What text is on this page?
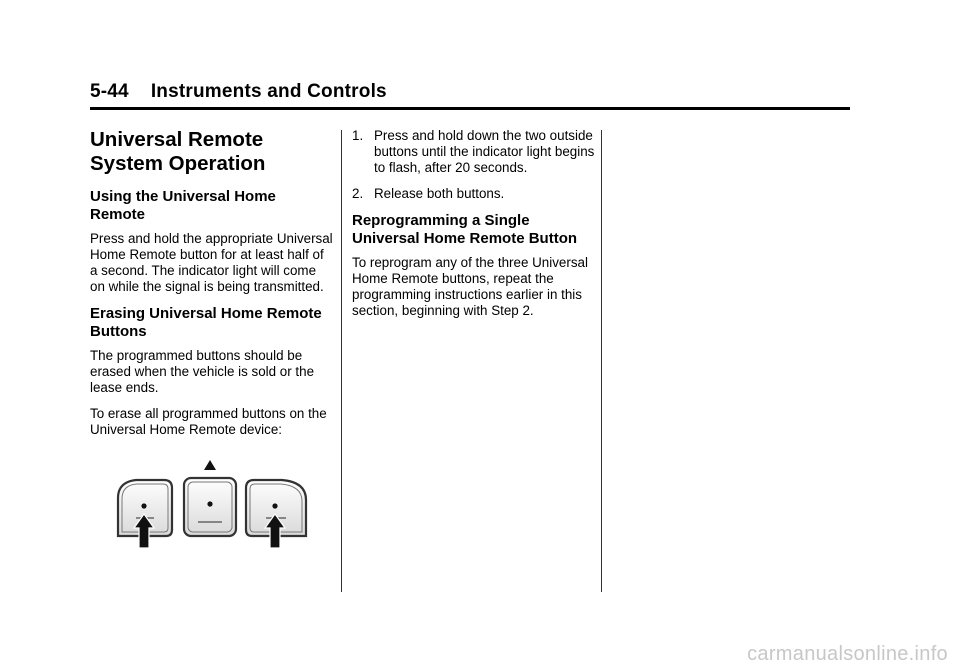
5-44 Instruments and Controls
Universal Remote System Operation
Using the Universal Home Remote

Press and hold the appropriate Universal Home Remote button for at least half of a second. The indicator light will come on while the signal is being transmitted.

Erasing Universal Home Remote Buttons

The programmed buttons should be erased when the vehicle is sold or the lease ends.

To erase all programmed buttons on the Universal Home Remote device:

1. Press and hold down the two outside buttons until the indicator light begins to flash, after 20 seconds.
2. Release both buttons.
Reprogramming a Single Universal Home Remote Button

To reprogram any of the three Universal Home Remote buttons, repeat the programming instructions earlier in this section, beginning with Step 2.

carmanualsonline.info
